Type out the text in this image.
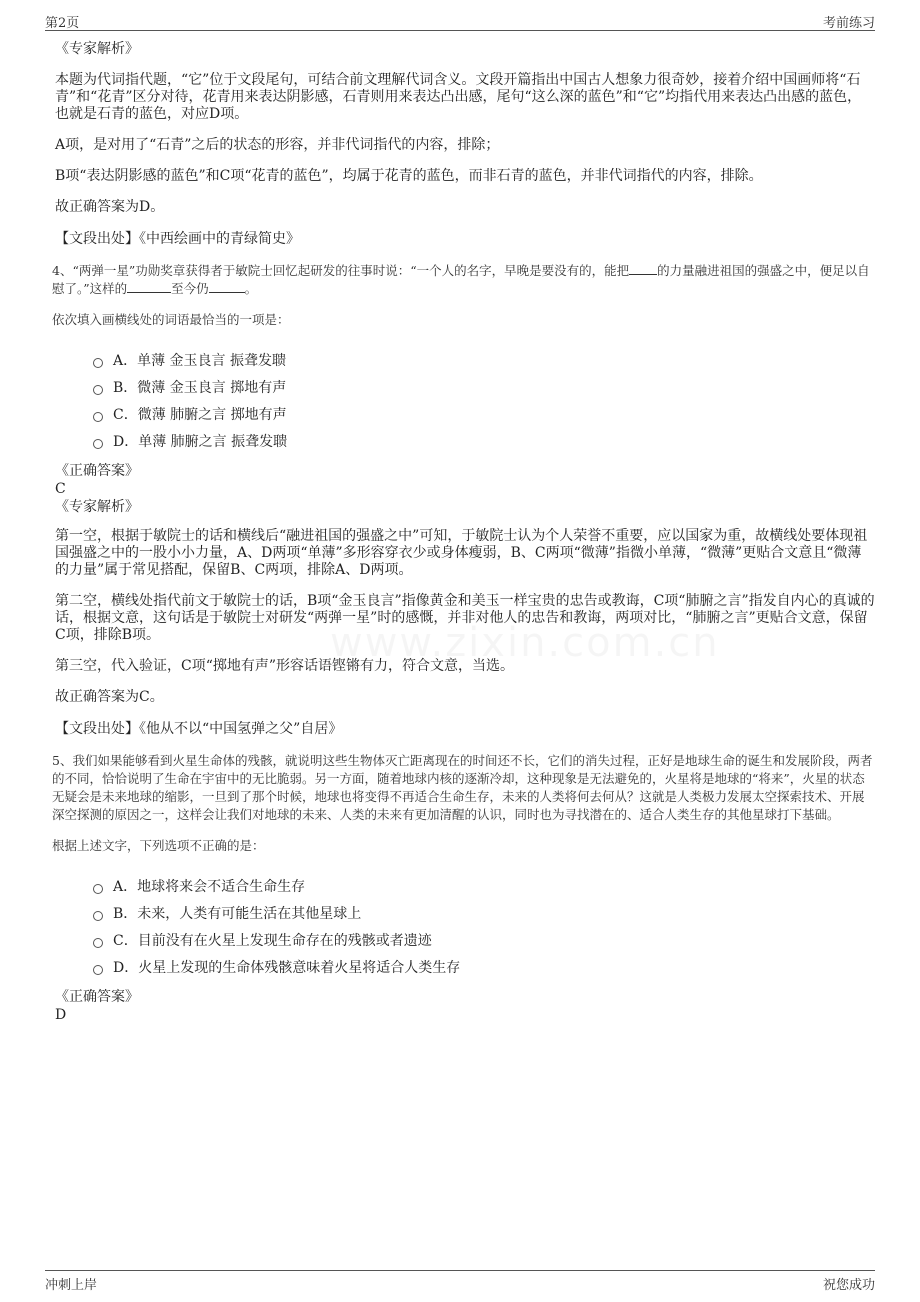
第2页	考前练习

《专家解析》

本题为代词指代题，“它”位于文段尾句，可结合前文理解代词含义。文段开篇指出中国古人想象力很奇妙，接着介绍中国画师将“石青”和“花青”区分对待，花青用来表达阴影感，石青则用来表达凸出感，尾句“这么深的蓝色”和“它”均指代用来表达凸出感的蓝色，也就是石青的蓝色，对应D项。

A项，是对用了“石青”之后的状态的形容，并非代词指代的内容，排除；

B项“表达阴影感的蓝色”和C项“花青的蓝色”，均属于花青的蓝色，而非石青的蓝色，并非代词指代的内容，排除。

故正确答案为D。

【文段出处】《中西绘画中的青绿简史》

4、“两弹一星”功勋奖章获得者于敏院士回忆起研发的往事时说：“一个人的名字，早晚是要没有的，能把 的力量融进祖国的强盛之中，便足以自慰了。”这样的	至今仍	。

依次填入画横线处的词语最恰当的一项是：

A．单薄 金玉良言 振聋发聩
B．微薄 金玉良言 掷地有声
C．微薄 肺腑之言 掷地有声
D．单薄 肺腑之言 振聋发聩

《正确答案》

C

《专家解析》

第一空，根据于敏院士的话和横线后“融进祖国的强盛之中”可知，于敏院士认为个人荣誉不重要，应以国家为重，故横线处要体现祖国强盛之中的一股小小力量，A、D两项“单薄”多形容穿衣少或身体瘦弱，B、C两项“微薄”指微小单薄，“微薄”更贴合文意且“微薄的力量”属于常见搭配，保留B、C两项，排除A、D两项。

第二空，横线处指代前文于敏院士的话，B项“金玉良言”指像黄金和美玉一样宝贵的忠告或教诲，C项“肺腑之言”指发自内心的真诚的话，根据文意，这句话是于敏院士对研发“两弹一星”时的感慨，并非对他人的忠告和教诲，两项对比，“肺腑之言”更贴合文意，保留C项，排除B项。

第三空，代入验证，C项“掷地有声”形容话语铿锵有力，符合文意，当选。

故正确答案为C。

【文段出处】《他从不以“中国氢弹之父”自居》

5、我们如果能够看到火星生命体的残骸，就说明这些生物体灭亡距离现在的时间还不长，它们的消失过程，正好是地球生命的诞生和发展阶段，两者的不同，恰恰说明了生命在宇宙中的无比脆弱。另一方面，随着地球内核的逐渐冷却，这种现象是无法避免的，火星将是地球的“将来”，火星的状态无疑会是未来地球的缩影，一旦到了那个时候，地球也将变得不再适合生命生存，未来的人类将何去何从？这就是人类极力发展太空探索技术、开展深空探测的原因之一，这样会让我们对地球的未来、人类的未来有更加清醒的认识，同时也为寻找潜在的、适合人类生存的其他星球打下基础。

根据上述文字，下列选项不正确的是：

A．地球将来会不适合生命生存
B．未来，人类有可能生活在其他星球上
C．目前没有在火星上发现生命存在的残骸或者遗迹
D．火星上发现的生命体残骸意味着火星将适合人类生存

《正确答案》

D

冲刺上岸	祝您成功
